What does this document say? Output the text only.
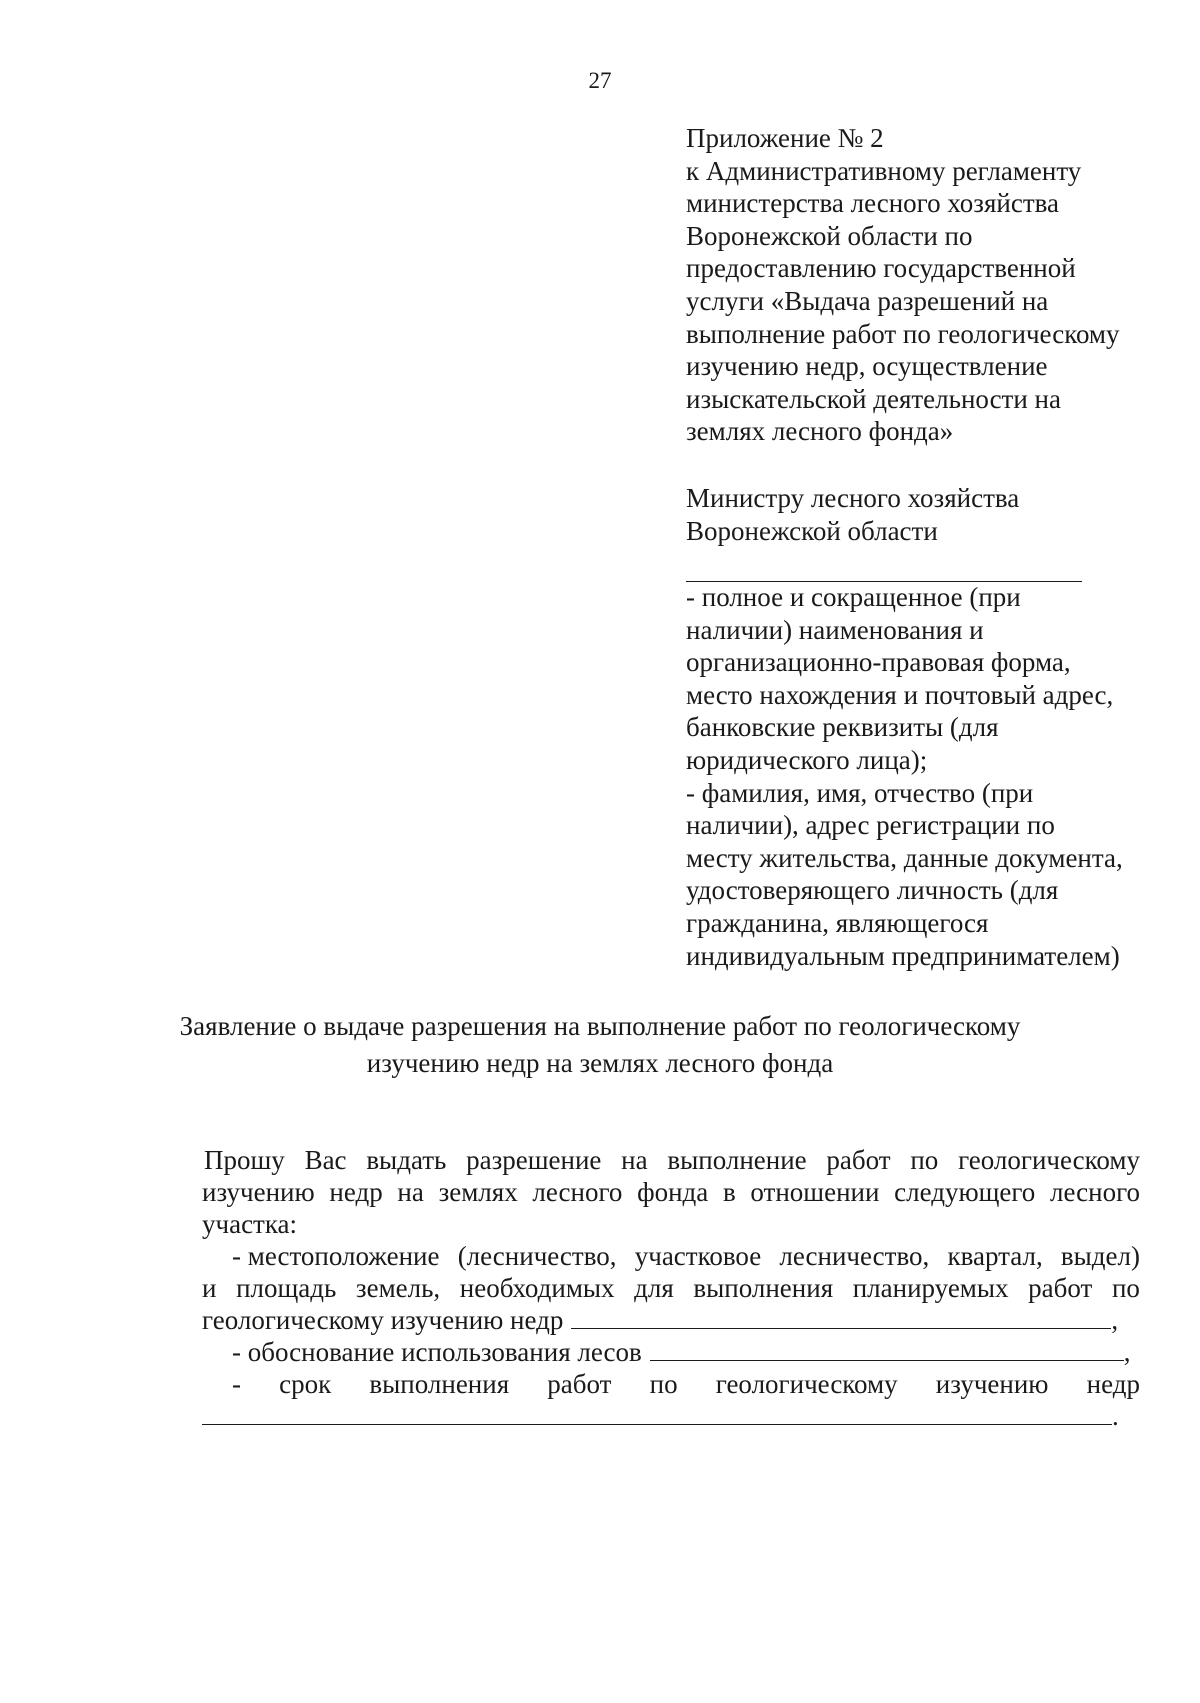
27
Приложение № 2
к Административному регламенту
министерства лесного хозяйства
Воронежской области по
предоставлению государственной
услуги «Выдача разрешений на
выполнение работ по геологическому
изучению недр, осуществление
изыскательской деятельности на
землях лесного фонда»
Министру лесного хозяйства
Воронежской области
- полное и сокращенное (при
наличии) наименования и
организационно-правовая форма,
место нахождения и почтовый адрес,
банковские реквизиты (для
юридического лица);
- фамилия, имя, отчество (при
наличии), адрес регистрации по
месту жительства, данные документа,
удостоверяющего личность (для
гражданина, являющегося
индивидуальным предпринимателем)
Заявление о выдаче разрешения на выполнение работ по геологическому
изучению недр на землях лесного фонда
Прошу Вас выдать разрешение на выполнение работ по геологическому
изучению недр на землях лесного фонда в отношении следующего лесного
участка:
- местоположение (лесничество, участковое лесничество, квартал, выдел)
и площадь земель, необходимых для выполнения планируемых работ по
геологическому изучению недр	,
- обоснование использования лесов	,
- срок выполнения работ по геологическому изучению недр
.
